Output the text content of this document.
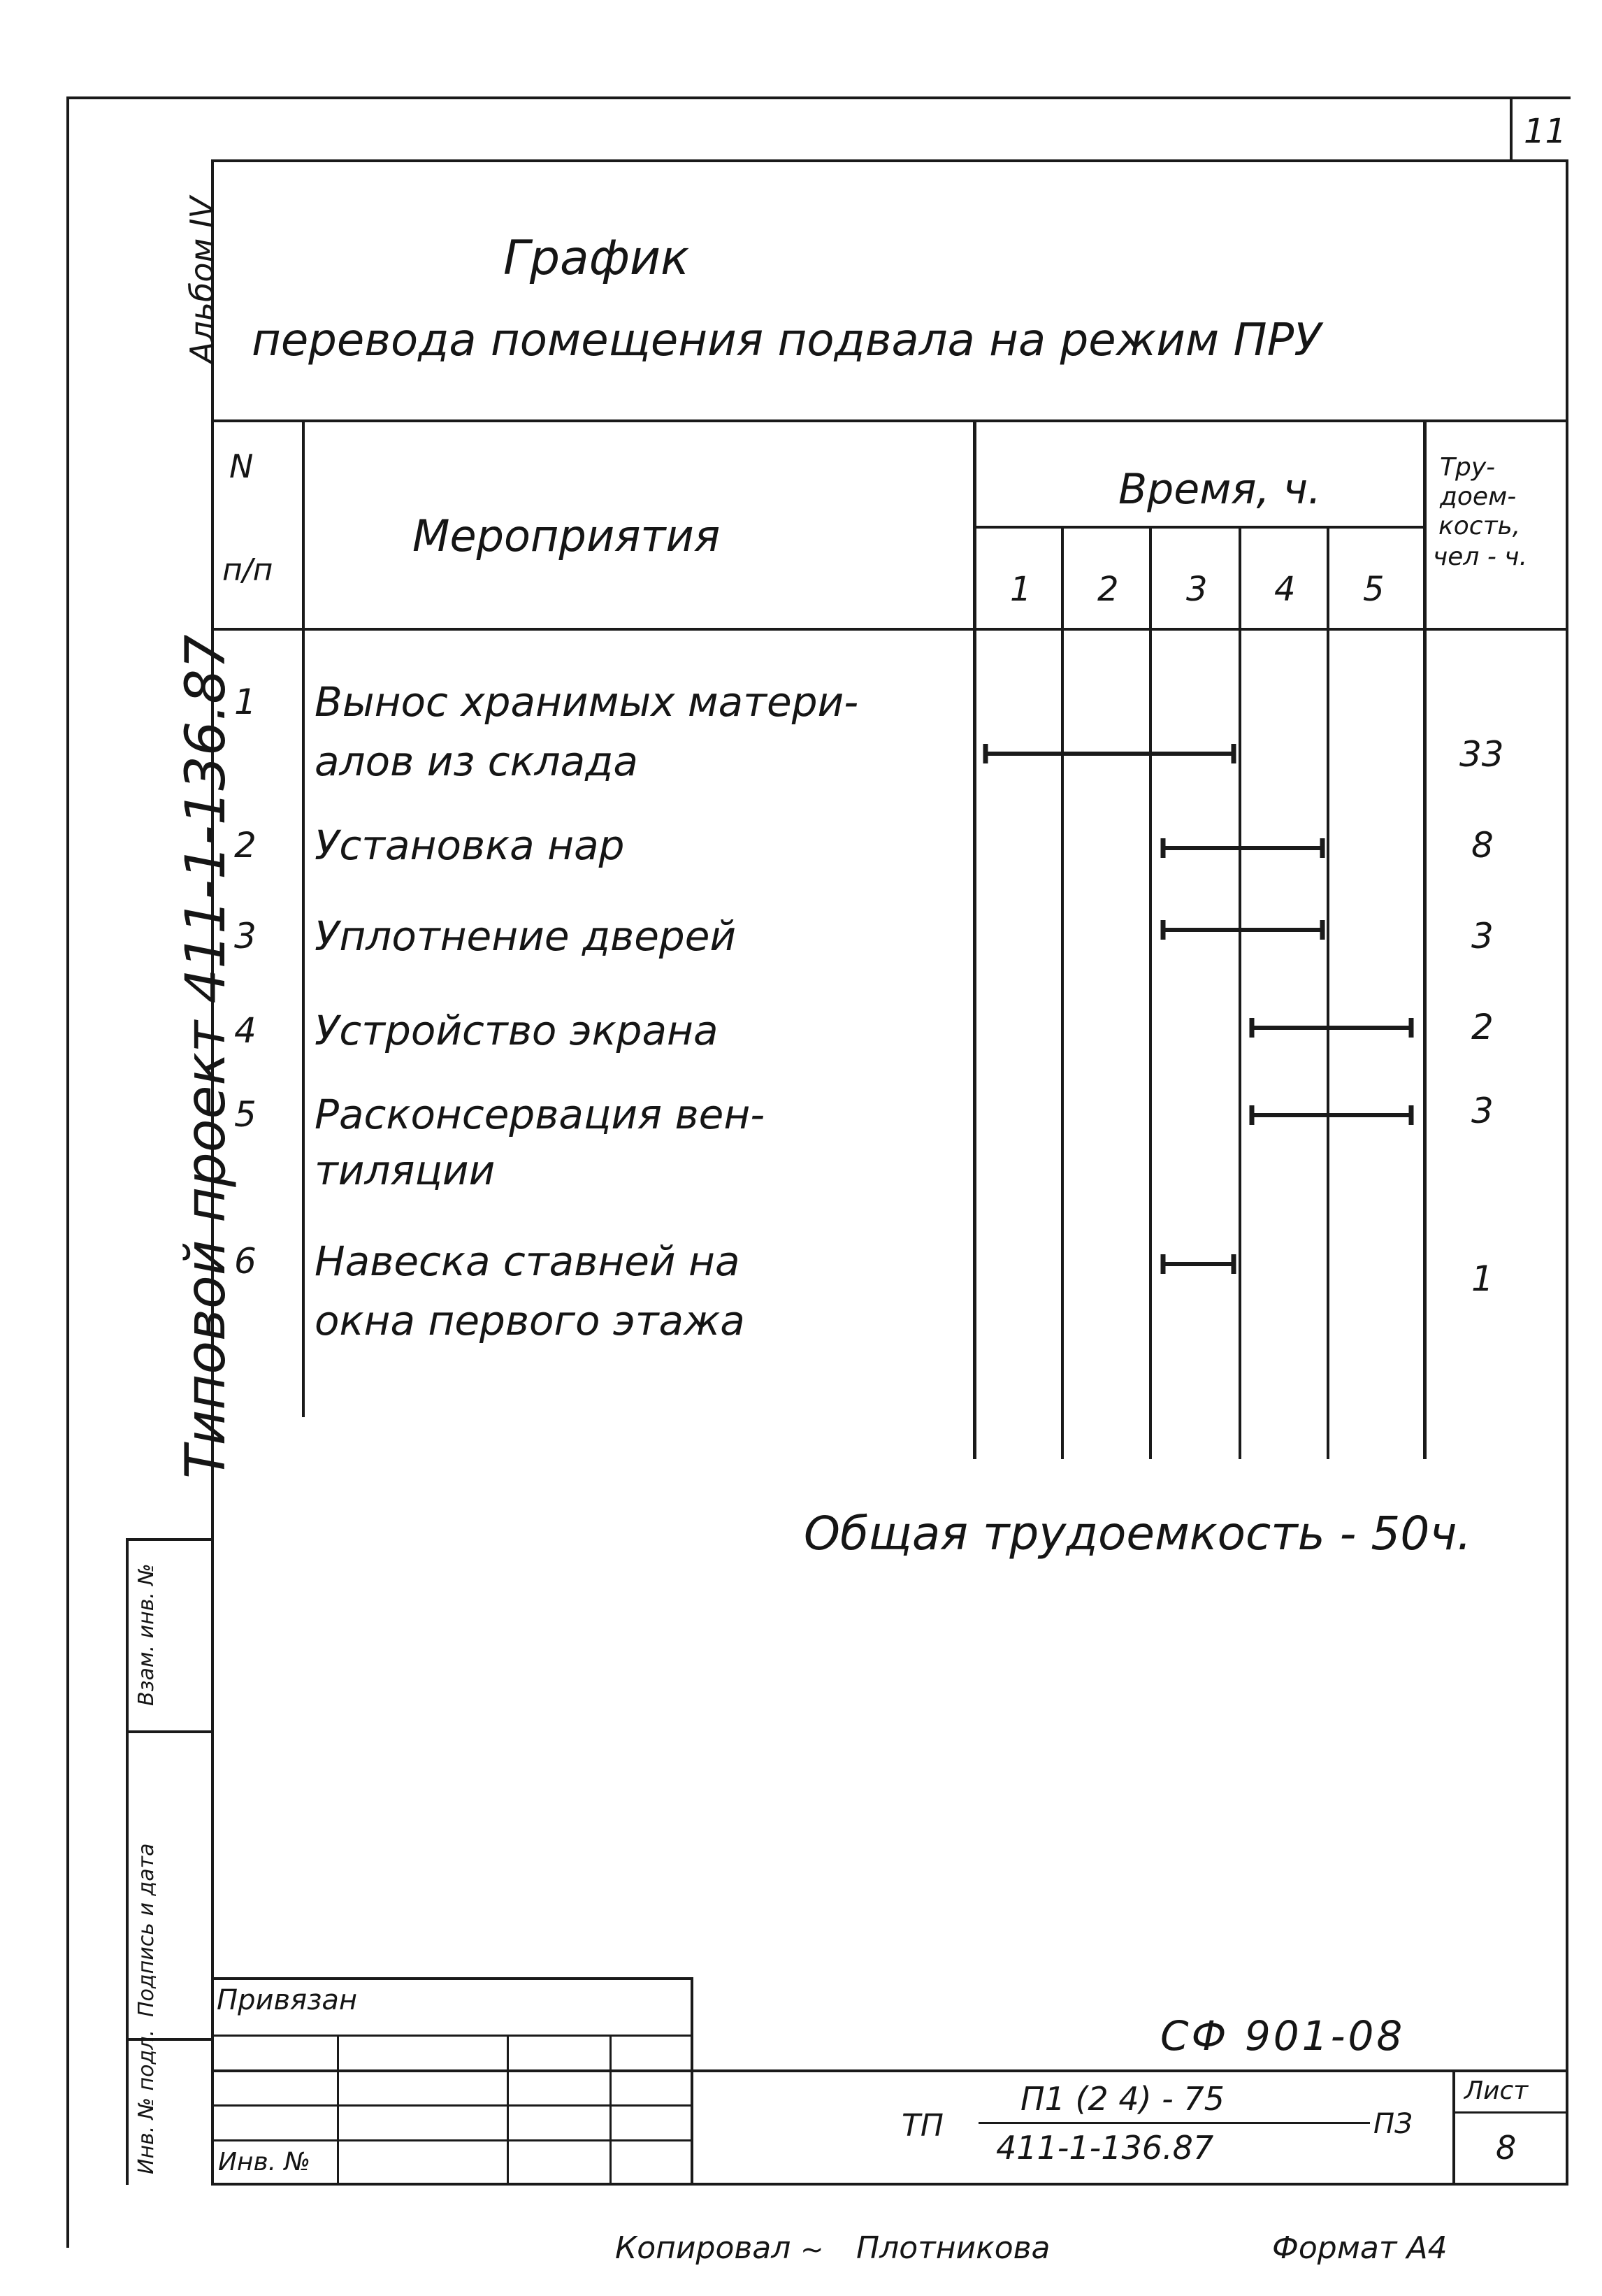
11
Альбом IV
Типовой проект 411-1-136.87
График
перевода помещения подвала на режим ПРУ
N
п/п
Мероприятия
Время, ч.
1 2 3 4 5
Тру-
доем-
кость,
чел - ч.
1 Вынос хранимых матери-
алов из склада	33
2 Установка нар	8
3 Уплотнение дверей	3
4 Устройство экрана	2
5 Расконсервация вен-
тиляции
3
6 Навеска ставней на
окна первого этажа
1
Общая трудоемкость - 50ч.
Взам. инв. №
Подпись и дата
Инв. № подл.
Привязан
Инв. №
СФ 901-08
ТП
П1 (2 4) - 75
411-1-136.87
ПЗ
Лист
8
Копировал ~ Плотникова	Формат А4
